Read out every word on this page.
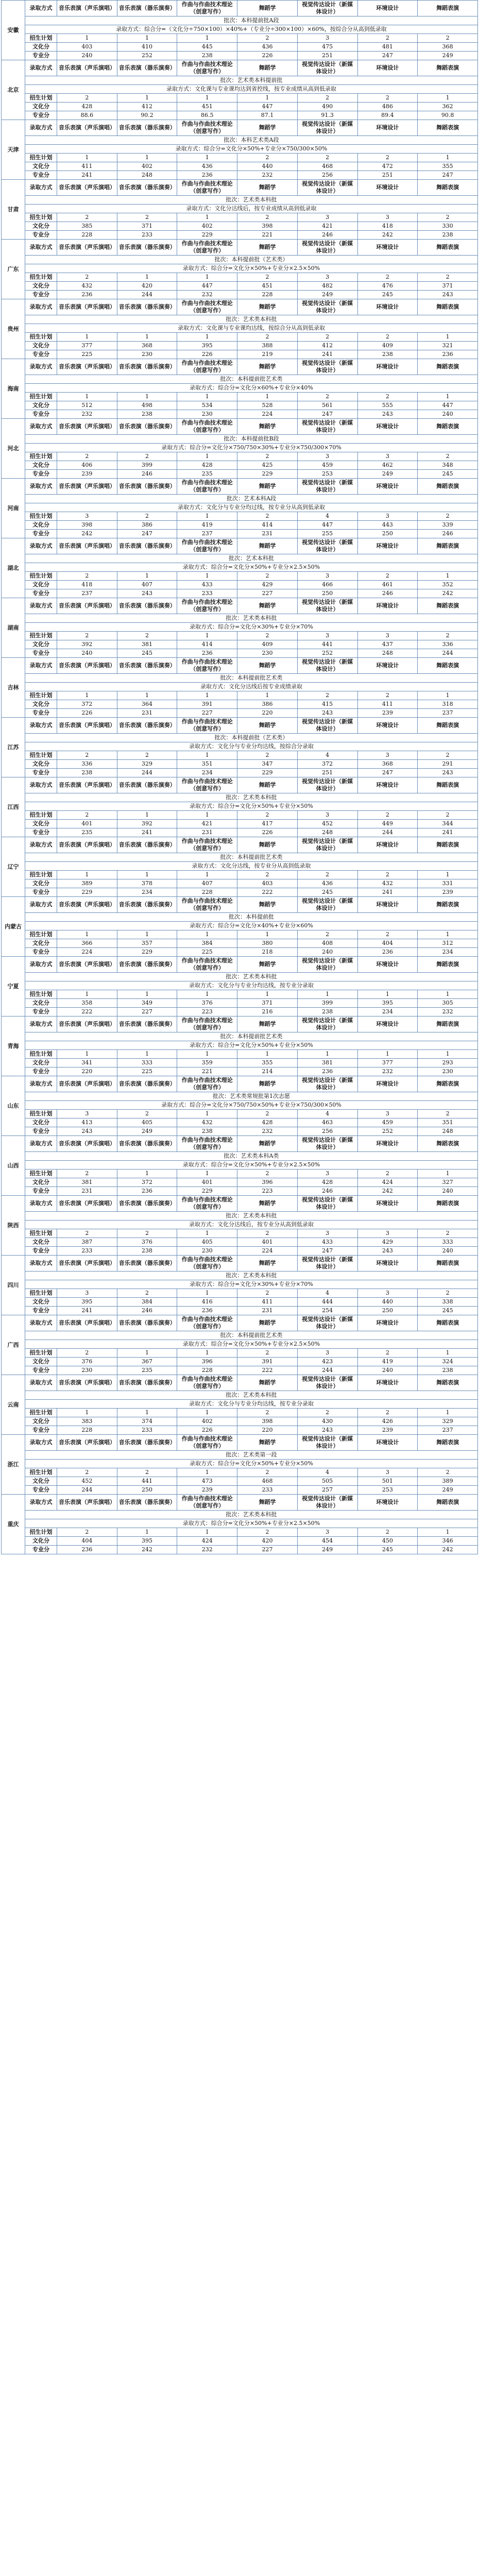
安徽	录取方式	音乐表演（声乐演唱）	音乐表演（器乐演奏）	作曲与作曲技术理论（创意写作）	舞蹈学	视觉传达设计（新媒体设计）	环境设计	舞蹈表演
	批次：本科提前批A段							
	录取方式：综合分=（文化分÷750×100）×40%+（专业分÷300×100）×60%，按综合分从高到低录取							
	招生计划	1	1	1	2	3	2	2
	文化分	403	410	445	436	475	481	368
	专业分	240	252	238	226	251	247	249
北京	录取方式	音乐表演（声乐演唱）	音乐表演（器乐演奏）	作曲与作曲技术理论（创意写作）	舞蹈学	视觉传达设计（新媒体设计）	环境设计	舞蹈表演
	批次：艺术类本科提前批							
	录取方式：文化课与专业课均达到省控线，按专业成绩从高到低录取							
	招生计划	2	1	1	1	2	2	1
	文化分	428	412	451	447	490	486	362
	专业分	88.6	90.2	86.5	87.1	91.3	89.4	90.8
天津	录取方式	音乐表演（声乐演唱）	音乐表演（器乐演奏）	作曲与作曲技术理论（创意写作）	舞蹈学	视觉传达设计（新媒体设计）	环境设计	舞蹈表演
	批次：本科艺术类A段							
	录取方式：综合分=文化分×50%+专业分×750/300×50%							
	招生计划	1	1	1	2	2	2	1
	文化分	411	402	436	440	468	472	355
	专业分	241	248	236	232	256	251	247
甘肃	录取方式	音乐表演（声乐演唱）	音乐表演（器乐演奏）	作曲与作曲技术理论（创意写作）	舞蹈学	视觉传达设计（新媒体设计）	环境设计	舞蹈表演
	批次：艺术类本科批							
	录取方式：文化分达线后，按专业成绩从高到低录取							
	招生计划	2	2	1	2	3	3	2
	文化分	385	371	402	398	421	418	330
	专业分	228	233	229	221	246	242	238
广东	录取方式	音乐表演（声乐演唱）	音乐表演（器乐演奏）	作曲与作曲技术理论（创意写作）	舞蹈学	视觉传达设计（新媒体设计）	环境设计	舞蹈表演
	批次：本科提前批（艺术类）							
	录取方式：综合分=文化分×50%+专业分×2.5×50%							
	招生计划	2	1	1	2	3	2	2
	文化分	432	420	447	451	482	476	371
	专业分	236	244	232	228	249	245	243
贵州	录取方式	音乐表演（声乐演唱）	音乐表演（器乐演奏）	作曲与作曲技术理论（创意写作）	舞蹈学	视觉传达设计（新媒体设计）	环境设计	舞蹈表演
	批次：艺术类本科批							
	录取方式：文化课与专业课均达线，按综合分从高到低录取							
	招生计划	1	1	1	2	2	2	1
	文化分	377	368	395	388	412	409	321
	专业分	225	230	226	219	241	238	236
海南	录取方式	音乐表演（声乐演唱）	音乐表演（器乐演奏）	作曲与作曲技术理论（创意写作）	舞蹈学	视觉传达设计（新媒体设计）	环境设计	舞蹈表演
	批次：本科提前批艺术类							
	录取方式：综合分=文化分×60%+专业分×40%							
	招生计划	1	1	1	1	2	2	1
	文化分	512	498	534	528	561	555	447
	专业分	232	238	230	224	247	243	240
河北	录取方式	音乐表演（声乐演唱）	音乐表演（器乐演奏）	作曲与作曲技术理论（创意写作）	舞蹈学	视觉传达设计（新媒体设计）	环境设计	舞蹈表演
	批次：本科提前批B段							
	录取方式：综合分=文化分×750/750×30%+专业分×750/300×70%							
	招生计划	2	2	1	2	3	3	2
	文化分	406	399	428	425	459	462	348
	专业分	239	246	235	229	253	249	245
河南	录取方式	音乐表演（声乐演唱）	音乐表演（器乐演奏）	作曲与作曲技术理论（创意写作）	舞蹈学	视觉传达设计（新媒体设计）	环境设计	舞蹈表演
	批次：艺术本科A段							
	录取方式：文化分与专业分均过线，按专业分从高到低录取							
	招生计划	3	2	1	2	4	3	2
	文化分	398	386	419	414	447	443	339
	专业分	242	247	237	231	255	250	246
湖北	录取方式	音乐表演（声乐演唱）	音乐表演（器乐演奏）	作曲与作曲技术理论（创意写作）	舞蹈学	视觉传达设计（新媒体设计）	环境设计	舞蹈表演
	批次：艺术本科批							
	录取方式：综合分=文化分×50%+专业分×2.5×50%							
	招生计划	2	1	1	2	3	2	1
	文化分	418	407	433	429	466	461	352
	专业分	237	243	233	227	250	246	242
湖南	录取方式	音乐表演（声乐演唱）	音乐表演（器乐演奏）	作曲与作曲技术理论（创意写作）	舞蹈学	视觉传达设计（新媒体设计）	环境设计	舞蹈表演
	批次：艺术类本科批							
	录取方式：综合分=文化分×30%+专业分×70%							
	招生计划	2	2	1	2	3	3	2
	文化分	392	381	414	409	441	437	336
	专业分	240	245	236	230	252	248	244
吉林	录取方式	音乐表演（声乐演唱）	音乐表演（器乐演奏）	作曲与作曲技术理论（创意写作）	舞蹈学	视觉传达设计（新媒体设计）	环境设计	舞蹈表演
	批次：本科提前批艺术类							
	录取方式：文化分达线后按专业成绩录取							
	招生计划	1	1	1	1	2	2	1
	文化分	372	364	391	386	415	411	318
	专业分	226	231	227	220	243	239	237
江苏	录取方式	音乐表演（声乐演唱）	音乐表演（器乐演奏）	作曲与作曲技术理论（创意写作）	舞蹈学	视觉传达设计（新媒体设计）	环境设计	舞蹈表演
	批次：本科提前批（艺术类）							
	录取方式：文化分与专业分均达线，按综合分录取							
	招生计划	2	2	1	2	4	3	2
	文化分	336	329	351	347	372	368	291
	专业分	238	244	234	229	251	247	243
江西	录取方式	音乐表演（声乐演唱）	音乐表演（器乐演奏）	作曲与作曲技术理论（创意写作）	舞蹈学	视觉传达设计（新媒体设计）	环境设计	舞蹈表演
	批次：艺术类本科批							
	录取方式：综合分=文化分×50%+专业分×50%							
	招生计划	2	1	1	2	3	2	2
	文化分	401	392	421	417	452	449	344
	专业分	235	241	231	226	248	244	241
辽宁	录取方式	音乐表演（声乐演唱）	音乐表演（器乐演奏）	作曲与作曲技术理论（创意写作）	舞蹈学	视觉传达设计（新媒体设计）	环境设计	舞蹈表演
	批次：本科提前批艺术类							
	录取方式：文化分达线，按专业分从高到低录取							
	招生计划	1	1	1	2	2	2	1
	文化分	389	378	407	403	436	432	331
	专业分	229	234	228	222	245	241	239
内蒙古	录取方式	音乐表演（声乐演唱）	音乐表演（器乐演奏）	作曲与作曲技术理论（创意写作）	舞蹈学	视觉传达设计（新媒体设计）	环境设计	舞蹈表演
	批次：本科提前批							
	录取方式：综合分=文化分×40%+专业分×60%							
	招生计划	1	1	1	1	2	2	1
	文化分	366	357	384	380	408	404	312
	专业分	224	229	225	218	240	236	234
宁夏	录取方式	音乐表演（声乐演唱）	音乐表演（器乐演奏）	作曲与作曲技术理论（创意写作）	舞蹈学	视觉传达设计（新媒体设计）	环境设计	舞蹈表演
	批次：艺术类本科批							
	录取方式：文化分与专业分均达线，按专业分录取							
	招生计划	1	1	1	1	1	1	1
	文化分	358	349	376	371	399	395	305
	专业分	222	227	223	216	238	234	232
青海	录取方式	音乐表演（声乐演唱）	音乐表演（器乐演奏）	作曲与作曲技术理论（创意写作）	舞蹈学	视觉传达设计（新媒体设计）	环境设计	舞蹈表演
	批次：本科提前批艺术类							
	录取方式：综合分=文化分×50%+专业分×50%							
	招生计划	1	1	1	1	1	1	1
	文化分	341	333	359	355	381	377	293
	专业分	220	225	221	214	236	232	230
山东	录取方式	音乐表演（声乐演唱）	音乐表演（器乐演奏）	作曲与作曲技术理论（创意写作）	舞蹈学	视觉传达设计（新媒体设计）	环境设计	舞蹈表演
	批次：艺术类常规批第1次志愿							
	录取方式：综合分=文化分×750/750×50%+专业分×750/300×50%							
	招生计划	3	2	1	2	4	3	2
	文化分	413	405	432	428	463	459	351
	专业分	243	249	238	232	256	252	248
山西	录取方式	音乐表演（声乐演唱）	音乐表演（器乐演奏）	作曲与作曲技术理论（创意写作）	舞蹈学	视觉传达设计（新媒体设计）	环境设计	舞蹈表演
	批次：艺术类本科A类							
	录取方式：综合分=文化分×50%+专业分×2.5×50%							
	招生计划	2	1	1	2	3	2	1
	文化分	381	372	401	396	428	424	327
	专业分	231	236	229	223	246	242	240
陕西	录取方式	音乐表演（声乐演唱）	音乐表演（器乐演奏）	作曲与作曲技术理论（创意写作）	舞蹈学	视觉传达设计（新媒体设计）	环境设计	舞蹈表演
	批次：艺术类本科批							
	录取方式：文化分达线后，按专业分从高到低录取							
	招生计划	2	2	1	2	3	3	2
	文化分	387	376	405	401	433	429	333
	专业分	233	238	230	224	247	243	240
四川	录取方式	音乐表演（声乐演唱）	音乐表演（器乐演奏）	作曲与作曲技术理论（创意写作）	舞蹈学	视觉传达设计（新媒体设计）	环境设计	舞蹈表演
	批次：艺术类本科批							
	录取方式：综合分=文化分×30%+专业分×70%							
	招生计划	3	2	1	2	4	3	2
	文化分	395	384	416	411	444	440	338
	专业分	241	246	236	231	254	250	245
广西	录取方式	音乐表演（声乐演唱）	音乐表演（器乐演奏）	作曲与作曲技术理论（创意写作）	舞蹈学	视觉传达设计（新媒体设计）	环境设计	舞蹈表演
	批次：本科提前批艺术类							
	录取方式：综合分=文化分×50%+专业分×2.5×50%							
	招生计划	2	1	1	2	3	2	1
	文化分	376	367	396	391	423	419	324
	专业分	230	235	228	222	244	240	238
云南	录取方式	音乐表演（声乐演唱）	音乐表演（器乐演奏）	作曲与作曲技术理论（创意写作）	舞蹈学	视觉传达设计（新媒体设计）	环境设计	舞蹈表演
	批次：艺术类本科批							
	录取方式：文化分与专业分均达线，按专业分录取							
	招生计划	1	1	1	2	2	2	1
	文化分	383	374	402	398	430	426	329
	专业分	228	233	226	220	243	239	237
浙江	录取方式	音乐表演（声乐演唱）	音乐表演（器乐演奏）	作曲与作曲技术理论（创意写作）	舞蹈学	视觉传达设计（新媒体设计）	环境设计	舞蹈表演
	批次：艺术类第一段							
	录取方式：综合分=文化分×50%+专业分×50%							
	招生计划	2	2	1	2	4	3	2
	文化分	452	441	473	468	505	501	389
	专业分	244	250	239	233	257	253	249
重庆	录取方式	音乐表演（声乐演唱）	音乐表演（器乐演奏）	作曲与作曲技术理论（创意写作）	舞蹈学	视觉传达设计（新媒体设计）	环境设计	舞蹈表演
	批次：艺术类本科批							
	录取方式：综合分=文化分×50%+专业分×2.5×50%							
	招生计划	2	1	1	2	3	2	1
	文化分	404	395	424	420	454	450	346
	专业分	236	242	232	227	249	245	242
